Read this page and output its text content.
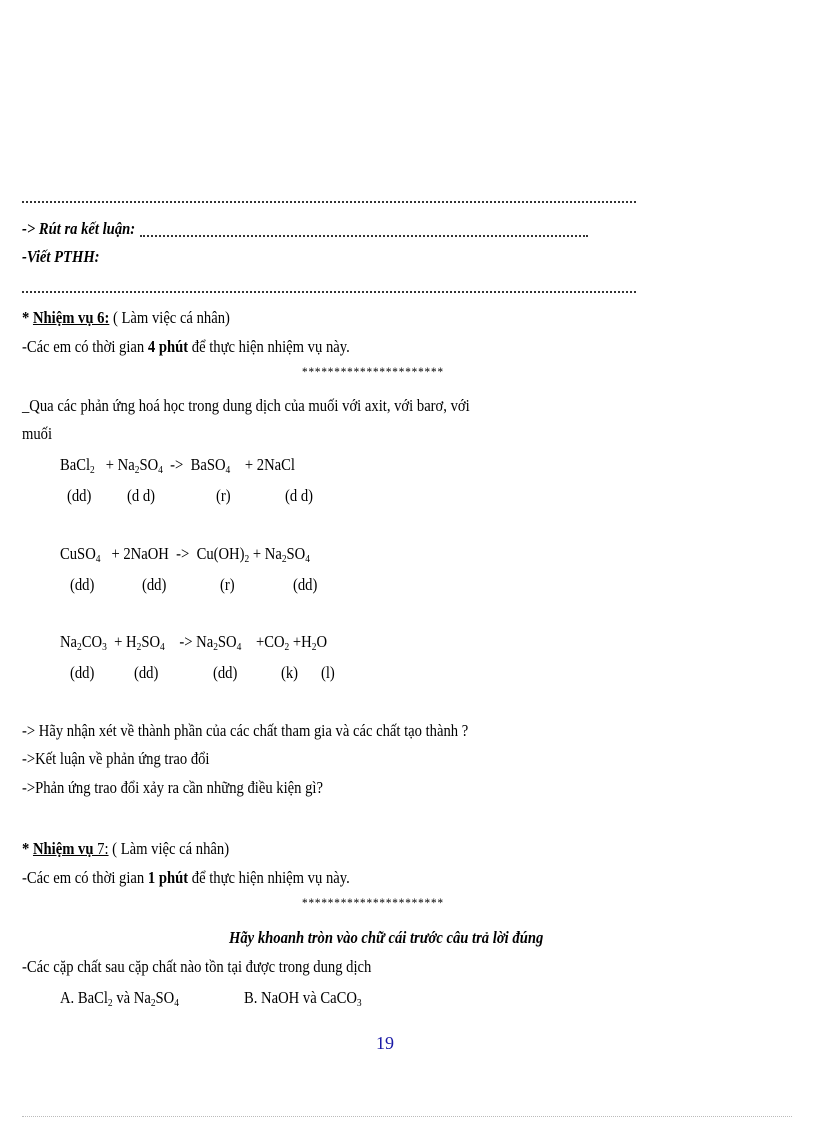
-> Rút ra kết luận:
-Viết PTHH:
* Nhiệm vụ 6: ( Làm việc cá nhân)
-Các em có thời gian 4 phút để thực hiện nhiệm vụ này.
**********************
_Qua các phản ứng hoá học trong dung dịch của muối với axit, với barơ, với
muối
BaCl$_2$ + $Na_2SO_4$ -> BaSO$_4$ + 2NaCl
(dd) (d d)	(r)	(d d)
CuSO$_4$ + 2NaOH -> $Cu(OH)_2 + Na_2SO_4$
(dd)	(dd)	(r)	(dd)
$Na_2CO_3 + H_2SO_4 -> Na_2SO_4 +CO_2 +H_2O$
(dd) (dd)	(dd)	(k) (l)
-> Hãy nhận xét về thành phần của các chất tham gia và các chất tạo thành ?
->Kết luận về phản ứng trao đổi
->Phản ứng trao đổi xảy ra cần những điều kiện gì?
* Nhiệm vụ 7: ( Làm việc cá nhân)
-Các em có thời gian 1 phút để thực hiện nhiệm vụ này.
**********************
Hãy khoanh tròn vào chữ cái trước câu trả lời đúng
-Các cặp chất sau cặp chất nào tồn tại được trong dung dịch
A. BaCl$_2$ và $Na_2SO_4$	B. NaOH và CaCO$_3$
19
